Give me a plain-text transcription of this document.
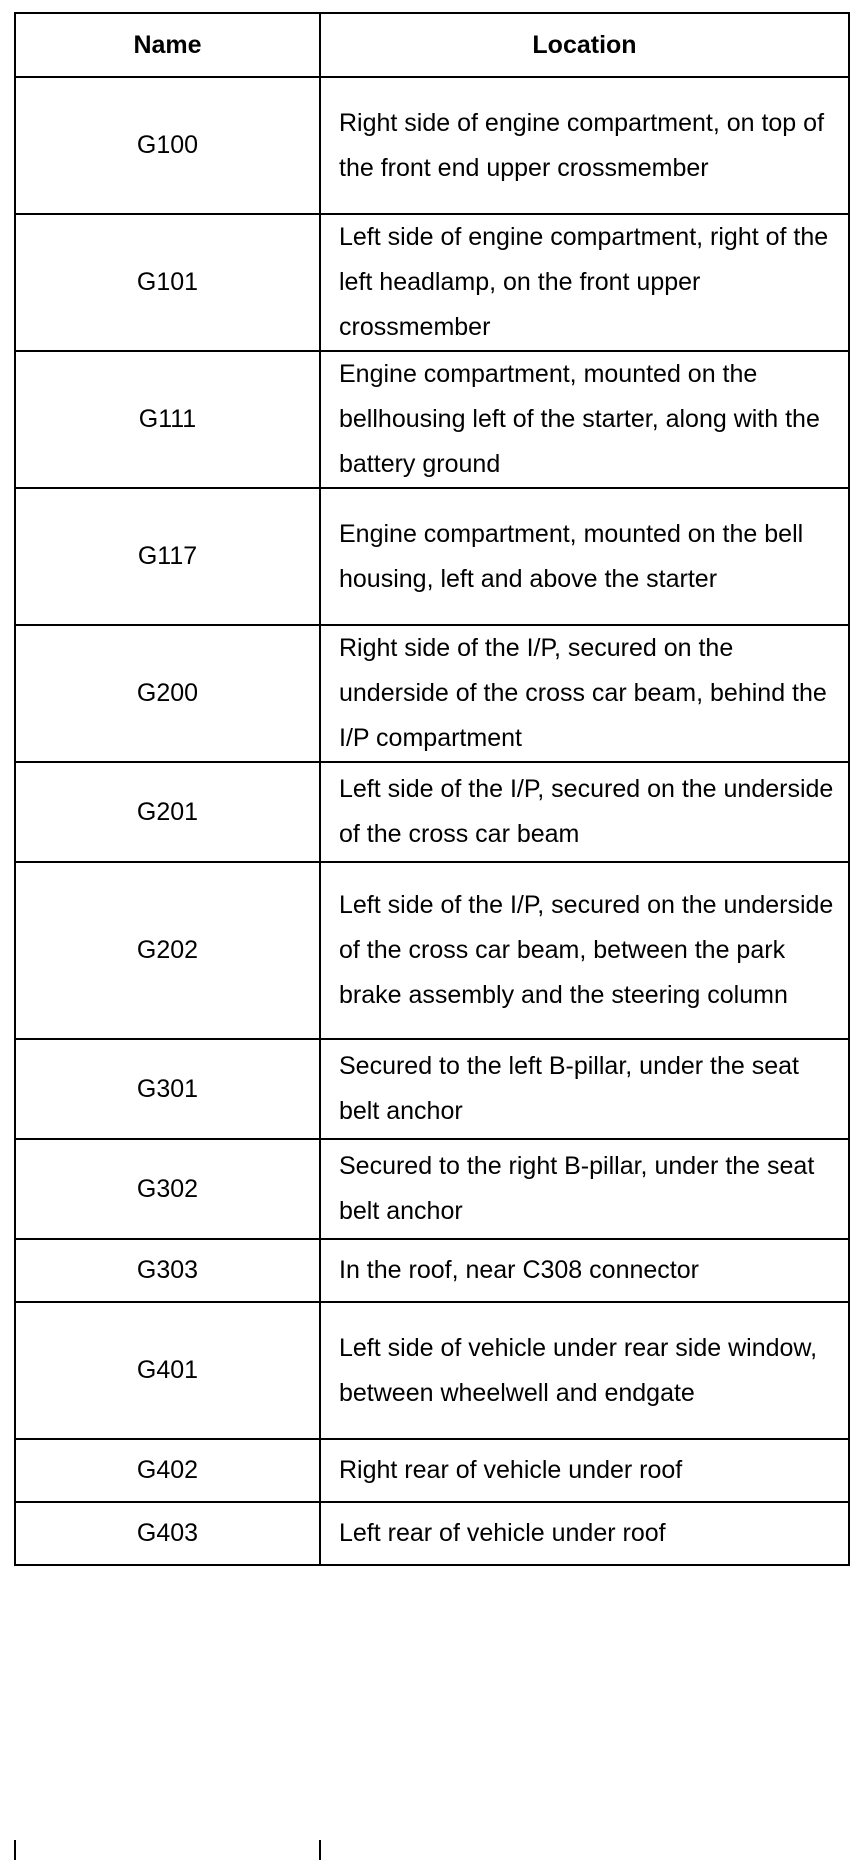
Name	Location
G100	Right side of engine compartment, on top of the front end upper crossmember

G101	Left side of engine compartment, right of the left headlamp, on the front upper crossmember

G111	Engine compartment, mounted on the bellhousing left of the starter, along with the battery ground

G117	Engine compartment, mounted on the bell housing, left and above the starter

G200	Right side of the I/P, secured on the underside of the cross car beam, behind the I/P compartment

G201	Left side of the I/P, secured on the underside of the cross car beam

G202	Left side of the I/P, secured on the underside of the cross car beam, between the park brake assembly and the steering column

G301	Secured to the left B-pillar, under the seat belt anchor

G302	Secured to the right B-pillar, under the seat belt anchor

G303	In the roof, near C308 connector

G401	Left side of vehicle under rear side window, between wheelwell and endgate

G402	Right rear of vehicle under roof

G403	Left rear of vehicle under roof
